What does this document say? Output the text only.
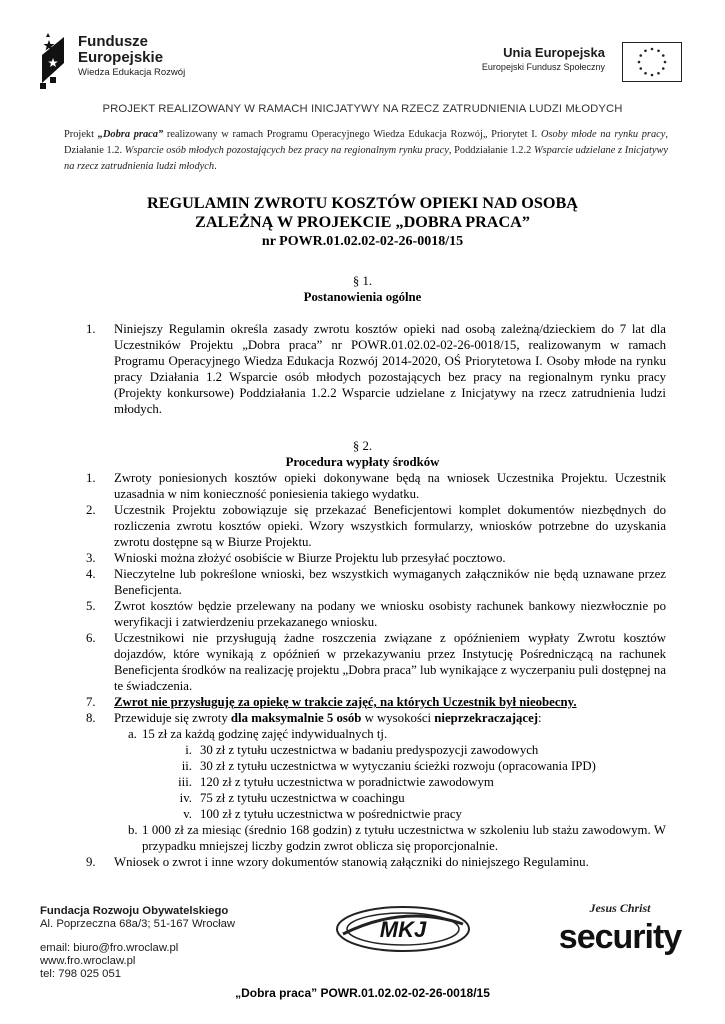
Fundusze
Europejskie
Wiedza Edukacja Rozwój
Unia Europejska
Europejski Fundusz Społeczny
PROJEKT REALIZOWANY W RAMACH INICJATYWY NA RZECZ ZATRUDNIENIA LUDZI MŁODYCH
Projekt „Dobra praca” realizowany w ramach Programu Operacyjnego Wiedza Edukacja Rozwój„ Priorytet I. Osoby młode na rynku pracy, Działanie 1.2. Wsparcie osób młodych pozostających bez pracy na regionalnym rynku pracy, Poddziałanie 1.2.2 Wsparcie udzielane z Inicjatywy na rzecz zatrudnienia ludzi młodych.
REGULAMIN ZWROTU KOSZTÓW OPIEKI NAD OSOBĄ
ZALEŻNĄ W PROJEKCIE „DOBRA PRACA”
nr POWR.01.02.02-02-26-0018/15
§ 1.
Postanowienia ogólne
1. Niniejszy Regulamin określa zasady zwrotu kosztów opieki nad osobą zależną/dzieckiem do 7 lat dla Uczestników Projektu „Dobra praca” nr POWR.01.02.02-02-26-0018/15, realizowanym w ramach Programu Operacyjnego Wiedza Edukacja Rozwój 2014-2020, OŚ Priorytetowa I. Osoby młode na rynku pracy Działania 1.2 Wsparcie osób młodych pozostających bez pracy na regionalnym rynku pracy (Projekty konkursowe) Poddziałania 1.2.2 Wsparcie udzielane z Inicjatywy na rzecz zatrudnienia ludzi młodych.
§ 2.
Procedura wypłaty środków
1. Zwroty poniesionych kosztów opieki dokonywane będą na wniosek Uczestnika Projektu. Uczestnik uzasadnia w nim konieczność poniesienia takiego wydatku.
2. Uczestnik Projektu zobowiązuje się przekazać Beneficjentowi komplet dokumentów niezbędnych do rozliczenia zwrotu kosztów opieki. Wzory wszystkich formularzy, wniosków potrzebne do uzyskania zwrotu dostępne są w Biurze Projektu.
3. Wnioski można złożyć osobiście w Biurze Projektu lub przesyłać pocztowo.
4. Nieczytelne lub pokreślone wnioski, bez wszystkich wymaganych załączników nie będą uznawane przez Beneficjenta.
5. Zwrot kosztów będzie przelewany na podany we wniosku osobisty rachunek bankowy niezwłocznie po weryfikacji i zatwierdzeniu przekazanego wniosku.
6. Uczestnikowi nie przysługują żadne roszczenia związane z opóźnieniem wypłaty Zwrotu kosztów dojazdów, które wynikają z opóźnień w przekazywaniu przez Instytucję Pośredniczącą na rachunek Beneficjenta środków na realizację projektu „Dobra praca” lub wynikające z wyczerpaniu puli dostępnej na te świadczenia.
7. Zwrot nie przysługuję za opiekę w trakcie zajęć, na których Uczestnik był nieobecny.
8. Przewiduje się zwroty dla maksymalnie 5 osób w wysokości nieprzekraczającej:
a. 15 zł za każdą godzinę zajęć indywidualnych tj.
i. 30 zł z tytułu uczestnictwa w badaniu predyspozycji zawodowych
ii. 30 zł z tytułu uczestnictwa w wytyczaniu ścieżki rozwoju (opracowania IPD)
iii. 120 zł z tytułu uczestnictwa w poradnictwie zawodowym
iv. 75 zł z tytułu uczestnictwa w coachingu
v. 100 zł z tytułu uczestnictwa w pośrednictwie pracy
b. 1 000 zł za miesiąc (średnio 168 godzin) z tytułu uczestnictwa w szkoleniu lub stażu zawodowym. W przypadku mniejszej liczby godzin zwrot oblicza się proporcjonalnie.
9. Wniosek o zwrot i inne wzory dokumentów stanowią załączniki do niniejszego Regulaminu.
Fundacja Rozwoju Obywatelskiego
Al. Poprzeczna 68a/3; 51-167 Wrocław
email: biuro@fro.wroclaw.pl
www.fro.wroclaw.pl
tel: 798 025 051
MKJ
Jesus Christ
security
„Dobra praca” POWR.01.02.02-02-26-0018/15
